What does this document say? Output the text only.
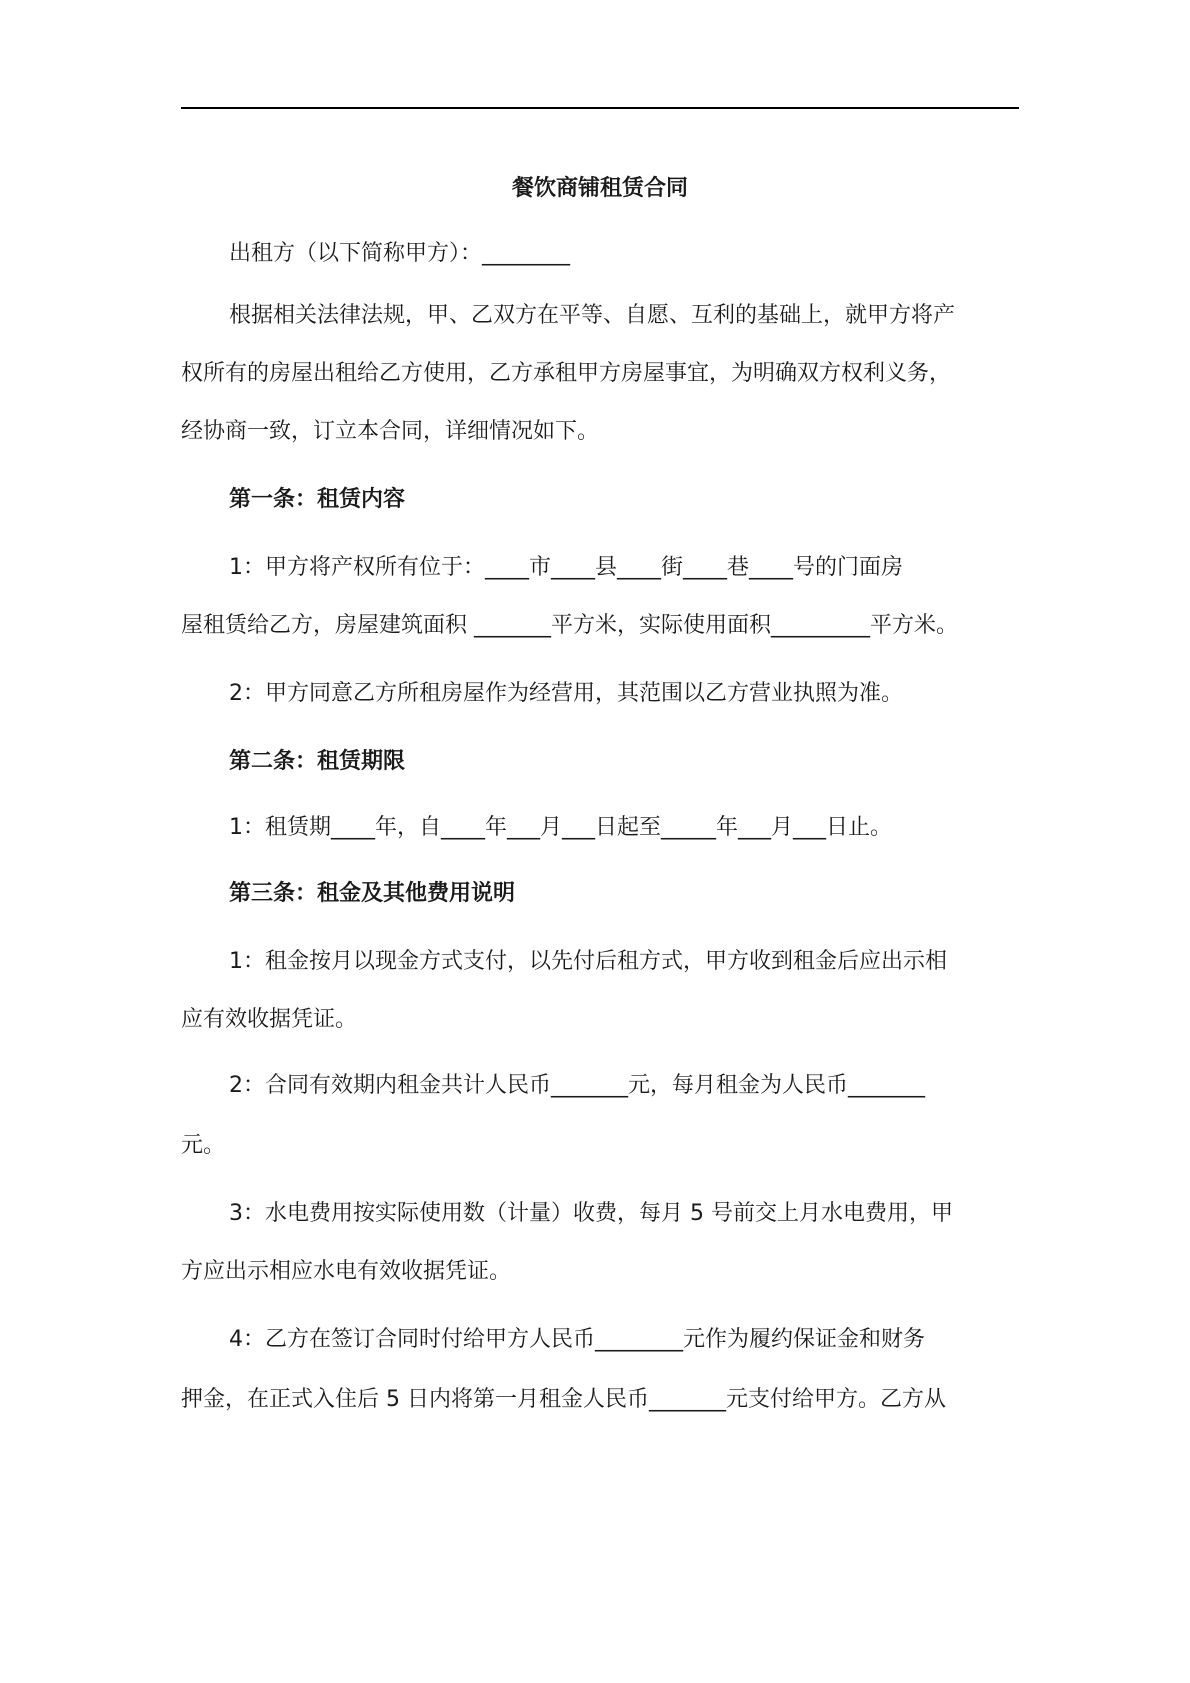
餐饮商铺租赁合同

出租方（以下简称甲方）：________

根据相关法律法规，甲、乙双方在平等、自愿、互利的基础上，就甲方将产

权所有的房屋出租给乙方使用，乙方承租甲方房屋事宜，为明确双方权利义务，

经协商一致，订立本合同，详细情况如下。

第一条：租赁内容

1：甲方将产权所有位于：____市____县____街____巷____号的门面房

屋租赁给乙方，房屋建筑面积 _______平方米，实际使用面积_________平方米。

2：甲方同意乙方所租房屋作为经营用，其范围以乙方营业执照为准。

第二条：租赁期限

1：租赁期____年，自____年___月___日起至_____年___月___日止。

第三条：租金及其他费用说明

1：租金按月以现金方式支付，以先付后租方式，甲方收到租金后应出示相

应有效收据凭证。

2：合同有效期内租金共计人民币_______元，每月租金为人民币_______

元。

3：水电费用按实际使用数（计量）收费，每月 5 号前交上月水电费用，甲

方应出示相应水电有效收据凭证。

4：乙方在签订合同时付给甲方人民币________元作为履约保证金和财务

押金，在正式入住后 5 日内将第一月租金人民币_______元支付给甲方。乙方从
